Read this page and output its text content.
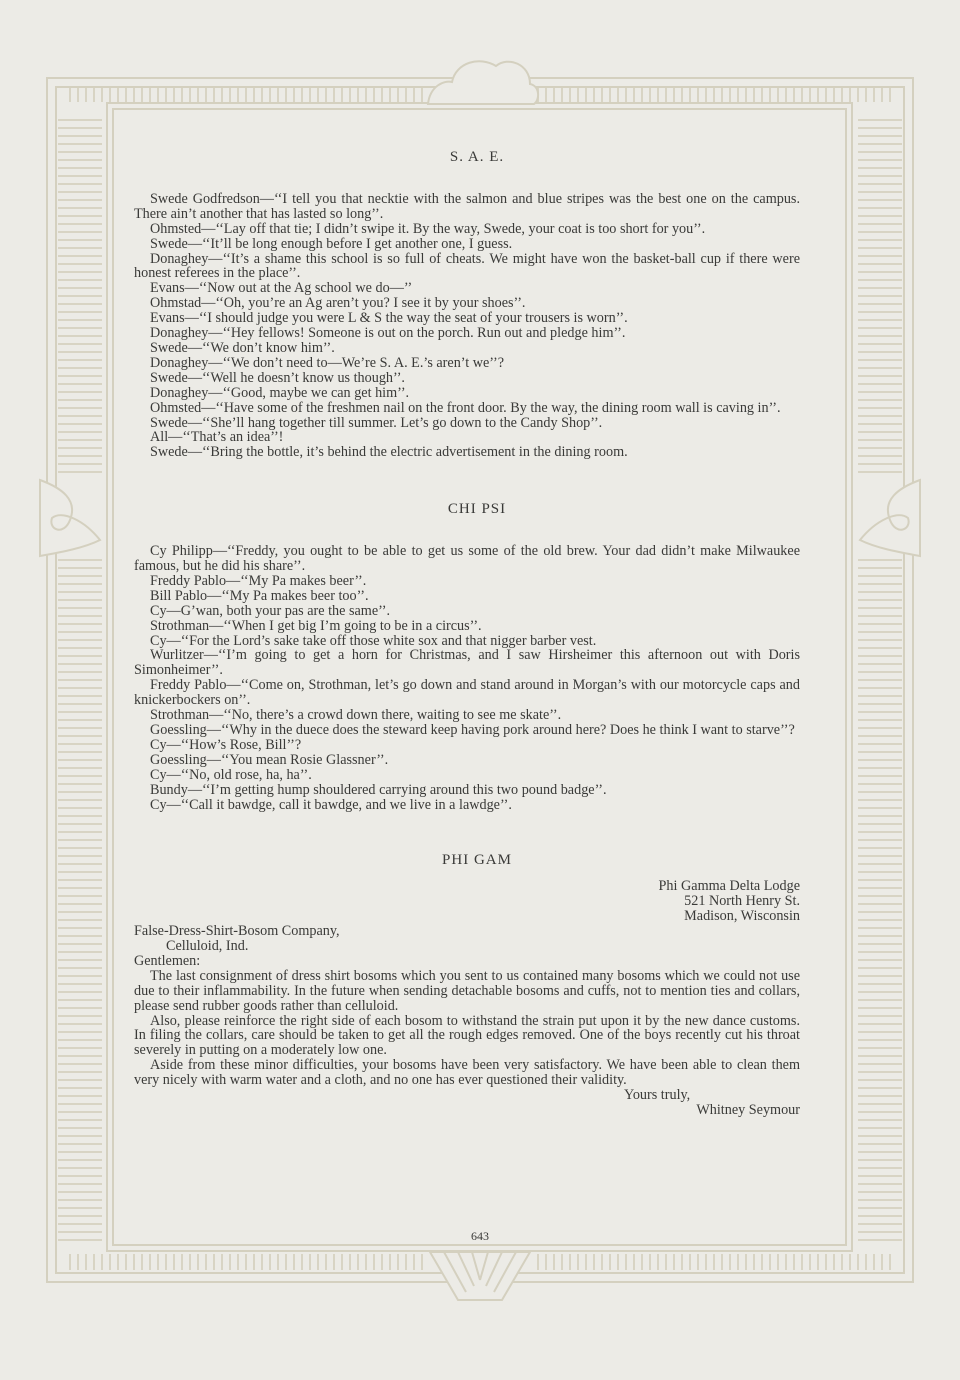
S. A. E.

Swede Godfredson—‘‘I tell you that necktie with the salmon and blue stripes was the best one on the campus. There ain’t another that has lasted so long’’.

Ohmsted—‘‘Lay off that tie; I didn’t swipe it. By the way, Swede, your coat is too short for you’’.

Swede—‘‘It’ll be long enough before I get another one, I guess.

Donaghey—‘‘It’s a shame this school is so full of cheats. We might have won the basket-ball cup if there were honest referees in the place’’.

Evans—‘‘Now out at the Ag school we do—’’

Ohmstad—‘‘Oh, you’re an Ag aren’t you? I see it by your shoes’’.

Evans—‘‘I should judge you were L & S the way the seat of your trousers is worn’’.

Donaghey—‘‘Hey fellows! Someone is out on the porch. Run out and pledge him’’.

Swede—‘‘We don’t know him’’.

Donaghey—‘‘We don’t need to—We’re S. A. E.’s aren’t we’’?

Swede—‘‘Well he doesn’t know us though’’.

Donaghey—‘‘Good, maybe we can get him’’.

Ohmsted—‘‘Have some of the freshmen nail on the front door. By the way, the dining room wall is caving in’’.

Swede—‘‘She’ll hang together till summer. Let’s go down to the Candy Shop’’.

All—‘‘That’s an idea’’!

Swede—‘‘Bring the bottle, it’s behind the electric advertisement in the dining room.

CHI PSI

Cy Philipp—‘‘Freddy, you ought to be able to get us some of the old brew. Your dad didn’t make Milwaukee famous, but he did his share’’.

Freddy Pablo—‘‘My Pa makes beer’’.

Bill Pablo—‘‘My Pa makes beer too’’.

Cy—G’wan, both your pas are the same’’.

Strothman—‘‘When I get big I’m going to be in a circus’’.

Cy—‘‘For the Lord’s sake take off those white sox and that nigger barber vest.

Wurlitzer—‘‘I’m going to get a horn for Christmas, and I saw Hirsheimer this afternoon out with Doris Simonheimer’’.

Freddy Pablo—‘‘Come on, Strothman, let’s go down and stand around in Morgan’s with our motorcycle caps and knickerbockers on’’.

Strothman—‘‘No, there’s a crowd down there, waiting to see me skate’’.

Goessling—‘‘Why in the duece does the steward keep having pork around here? Does he think I want to starve’’?

Cy—‘‘How’s Rose, Bill’’?

Goessling—‘‘You mean Rosie Glassner’’.

Cy—‘‘No, old rose, ha, ha’’.

Bundy—‘‘I’m getting hump shouldered carrying around this two pound badge’’.

Cy—‘‘Call it bawdge, call it bawdge, and we live in a lawdge’’.

PHI GAM

Phi Gamma Delta Lodge

521 North Henry St.

Madison, Wisconsin

False-Dress-Shirt-Bosom Company,

Celluloid, Ind.

Gentlemen:

The last consignment of dress shirt bosoms which you sent to us contained many bosoms which we could not use due to their inflammability. In the future when sending detachable bosoms and cuffs, not to mention ties and collars, please send rubber goods rather than celluloid.

Also, please reinforce the right side of each bosom to withstand the strain put upon it by the new dance customs. In filing the collars, care should be taken to get all the rough edges removed. One of the boys recently cut his throat severely in putting on a moderately low one.

Aside from these minor difficulties, your bosoms have been very satisfactory. We have been able to clean them very nicely with warm water and a cloth, and no one has ever questioned their validity.

Yours truly,

Whitney Seymour

643
